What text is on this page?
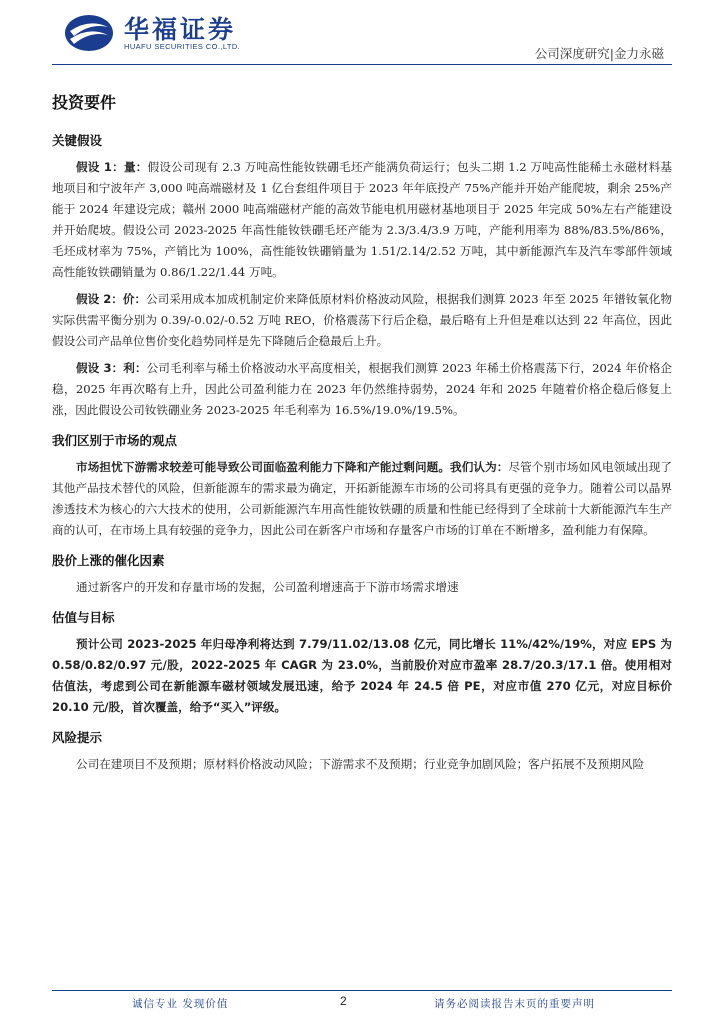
华福证券
HUAFU SECURITIES CO.,LTD.	公司深度研究|金力永磁
投资要件
关键假设

假设 1：量：假设公司现有 2.3 万吨高性能钕铁硼毛坯产能满负荷运行；包头二期 1.2 万吨高性能稀土永磁材料基地项目和宁波年产 3,000 吨高端磁材及 1 亿台套组件项目于 2023 年年底投产 75%产能并开始产能爬坡，剩余 25%产能于 2024 年建设完成；赣州 2000 吨高端磁材产能的高效节能电机用磁材基地项目于 2025 年完成 50%左右产能建设并开始爬坡。假设公司 2023-2025 年高性能钕铁硼毛坯产能为 2.3/3.4/3.9 万吨，产能利用率为 88%/83.5%/86%，毛坯成材率为 75%，产销比为 100%，高性能钕铁硼销量为 1.51/2.14/2.52 万吨，其中新能源汽车及汽车零部件领域高性能钕铁硼销量为 0.86/1.22/1.44 万吨。

假设 2：价：公司采用成本加成机制定价来降低原材料价格波动风险，根据我们测算 2023 年至 2025 年镨钕氧化物实际供需平衡分别为 0.39/-0.02/-0.52 万吨 REO，价格震荡下行后企稳，最后略有上升但是难以达到 22 年高位，因此假设公司产品单位售价变化趋势同样是先下降随后企稳最后上升。

假设 3：利：公司毛利率与稀土价格波动水平高度相关，根据我们测算 2023 年稀土价格震荡下行，2024 年价格企稳，2025 年再次略有上升，因此公司盈利能力在 2023 年仍然维持弱势，2024 年和 2025 年随着价格企稳后修复上涨，因此假设公司钕铁硼业务 2023-2025 年毛利率为 16.5%/19.0%/19.5%。

我们区别于市场的观点

市场担忧下游需求较差可能导致公司面临盈利能力下降和产能过剩问题。我们认为：尽管个别市场如风电领域出现了其他产品技术替代的风险，但新能源车的需求最为确定，开拓新能源车市场的公司将具有更强的竞争力。随着公司以晶界渗透技术为核心的六大技术的使用，公司新能源汽车用高性能钕铁硼的质量和性能已经得到了全球前十大新能源汽车生产商的认可，在市场上具有较强的竞争力，因此公司在新客户市场和存量客户市场的订单在不断增多，盈利能力有保障。

股价上涨的催化因素

通过新客户的开发和存量市场的发掘，公司盈利增速高于下游市场需求增速

估值与目标

预计公司 2023-2025 年归母净利将达到 7.79/11.02/13.08 亿元，同比增长 11%/42%/19%，对应 EPS 为 0.58/0.82/0.97 元/股，2022-2025 年 CAGR 为 23.0%，当前股价对应市盈率 28.7/20.3/17.1 倍。使用相对估值法，考虑到公司在新能源车磁材领域发展迅速，给予 2024 年 24.5 倍 PE，对应市值 270 亿元，对应目标价 20.10 元/股，首次覆盖，给予“买入”评级。

风险提示

公司在建项目不及预期；原材料价格波动风险；下游需求不及预期；行业竞争加剧风险；客户拓展不及预期风险

诚信专业 发现价值	2	请务必阅读报告末页的重要声明
